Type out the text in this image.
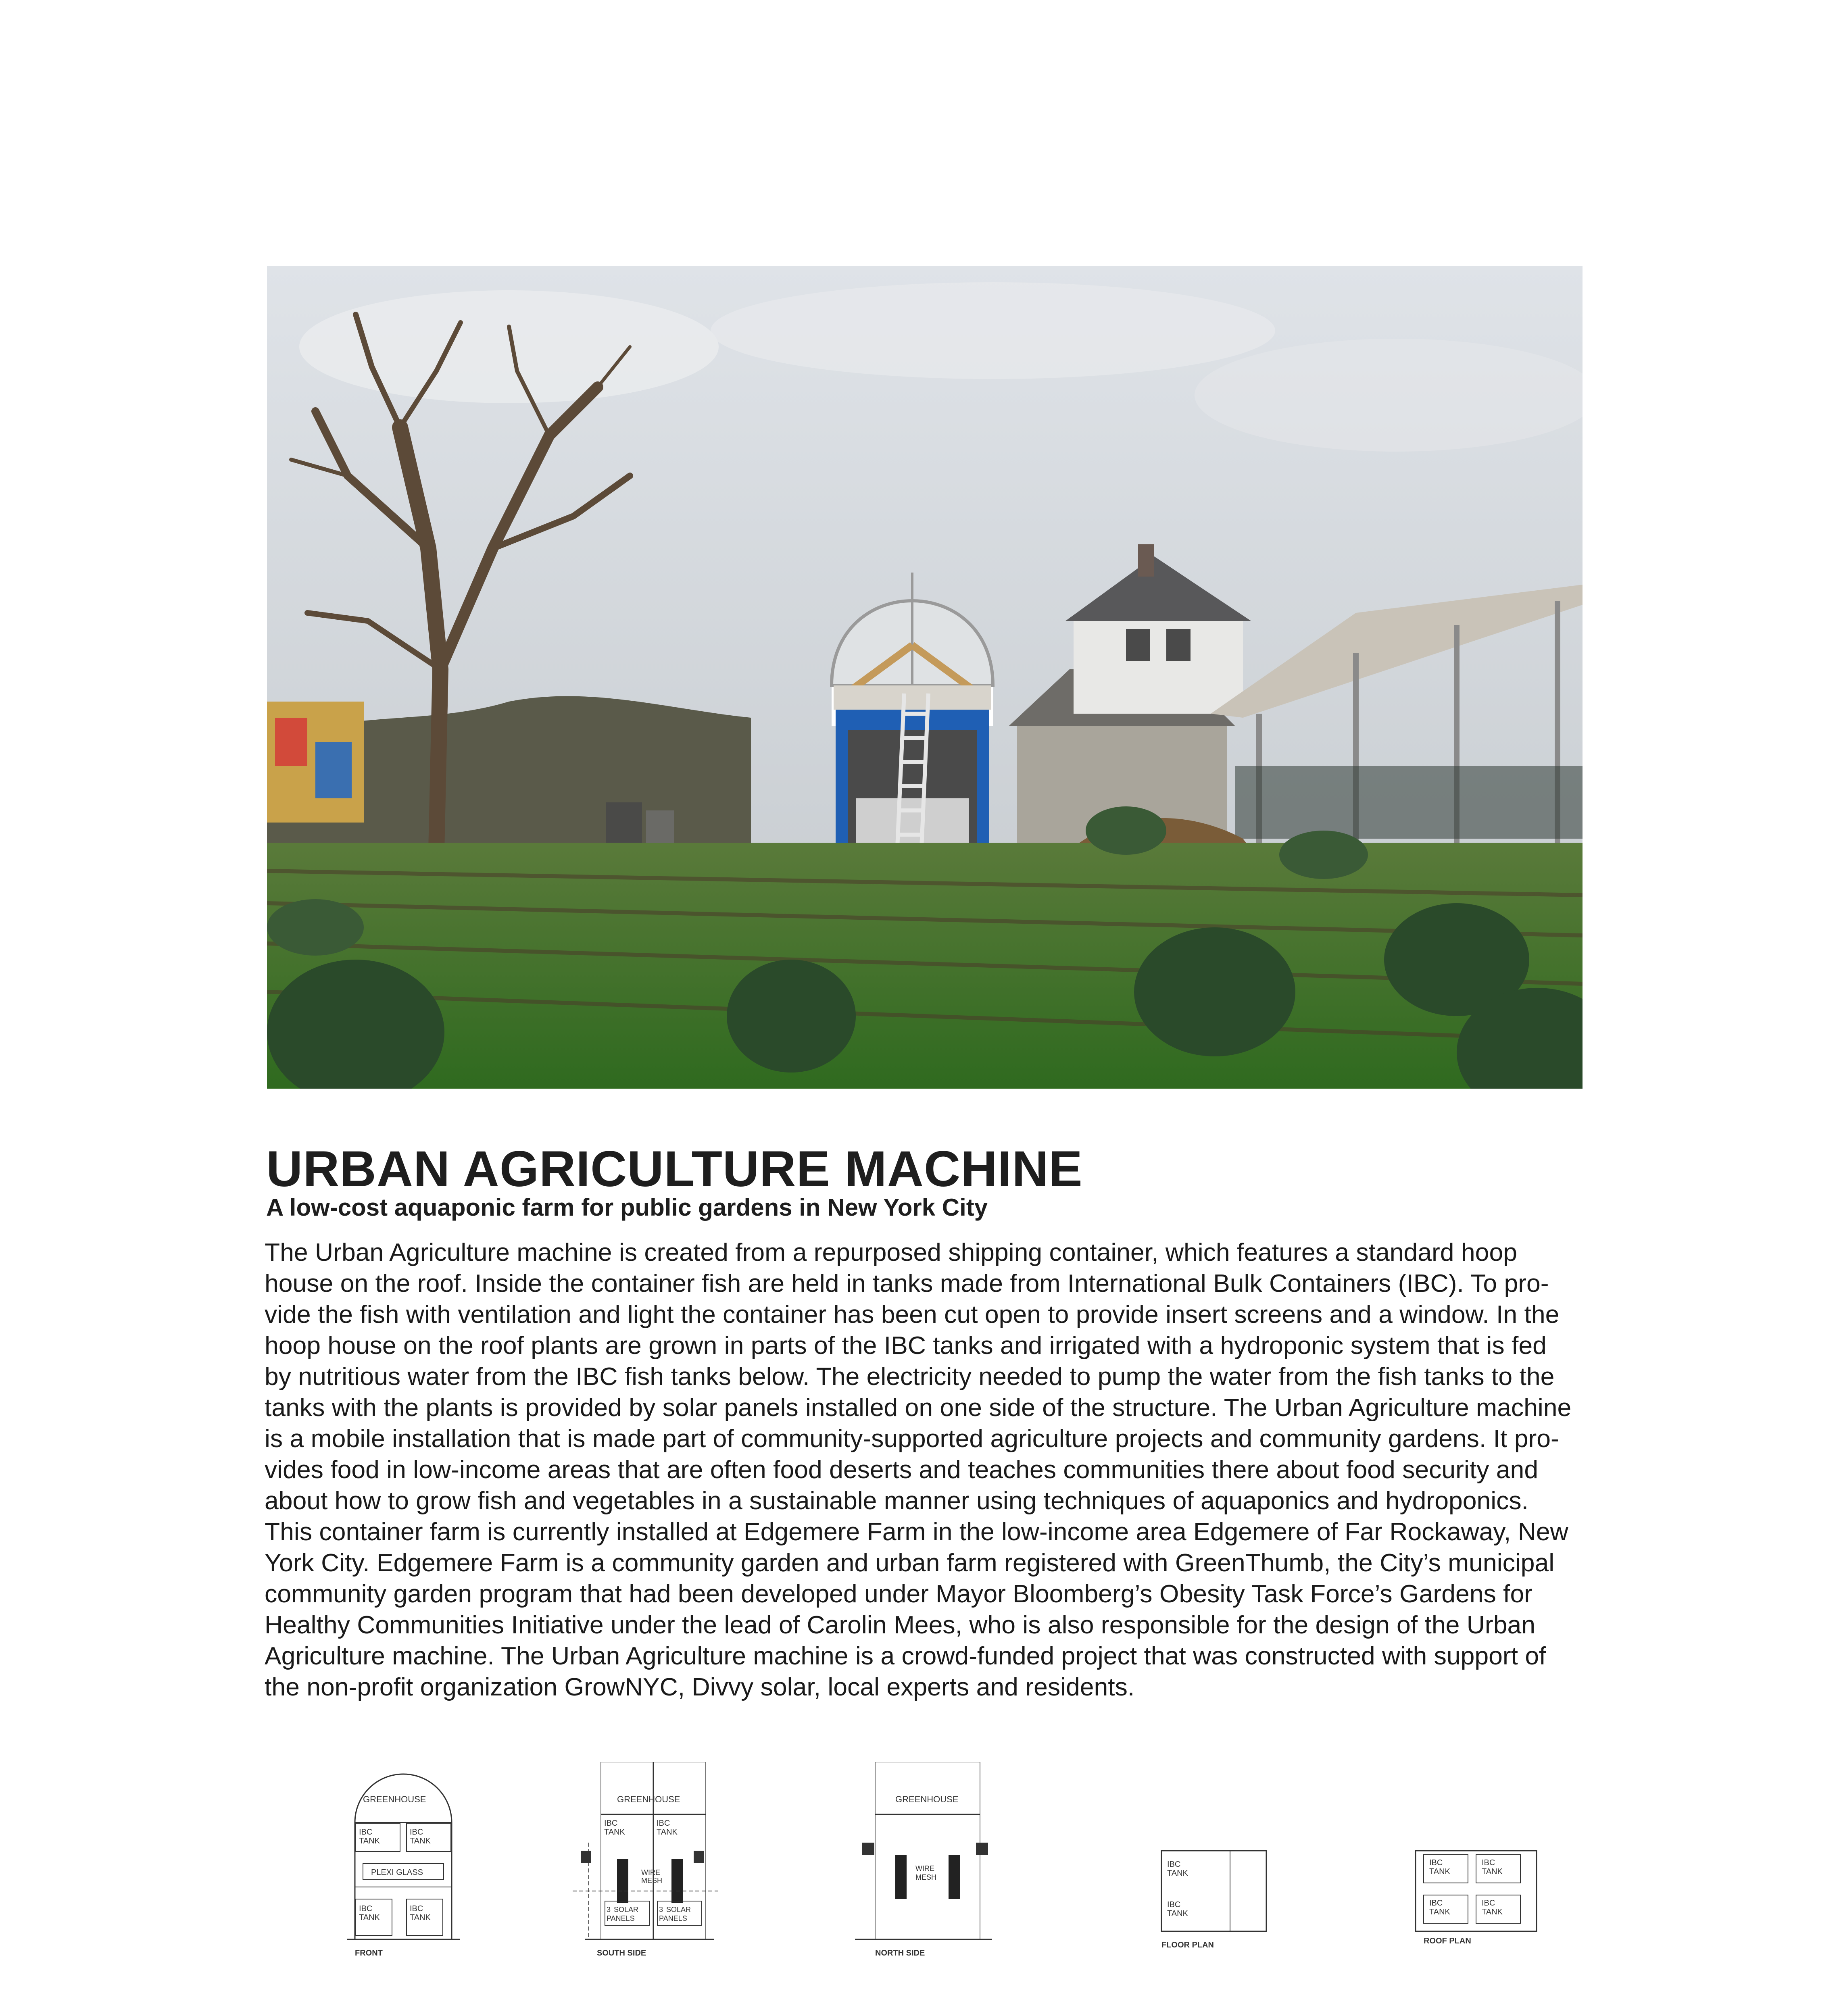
URBAN AGRICULTURE MACHINE
A low-cost aquaponic farm for public gardens in New York City

The Urban Agriculture machine is created from a repurposed shipping container, which features a standard hoop

house on the roof. Inside the container fish are held in tanks made from International Bulk Containers (IBC). To pro-

vide the fish with ventilation and light the container has been cut open to provide insert screens and a window. In the

hoop house on the roof plants are grown in parts of the IBC tanks and irrigated with a hydroponic system that is fed

by nutritious water from the IBC fish tanks below. The electricity needed to pump the water from the fish tanks to the

tanks with the plants is provided by solar panels installed on one side of the structure. The Urban Agriculture machine

is a mobile installation that is made part of community-supported agriculture projects and community gardens. It pro-

vides food in low-income areas that are often food deserts and teaches communities there about food security and

about how to grow fish and vegetables in a sustainable manner using techniques of aquaponics and hydroponics.

This container farm is currently installed at Edgemere Farm in the low-income area Edgemere of Far Rockaway, New

York City. Edgemere Farm is a community garden and urban farm registered with GreenThumb, the City’s municipal

community garden program that had been developed under Mayor Bloomberg’s Obesity Task Force’s Gardens for

Healthy Communities Initiative under the lead of Carolin Mees, who is also responsible for the design of the Urban

Agriculture machine. The Urban Agriculture machine is a crowd-funded project that was constructed with support of

the non-profit organization GrowNYC, Divvy solar, local experts and residents.

GREENHOUSE
IBC
TANK
IBC
TANK
PLEXI GLASS
IBC
TANK
IBC
TANK
FRONT
GREENHOUSE
IBC
TANK
IBC
TANK
WIRE
MESH
3 SOLAR
PANELS
3 SOLAR
PANELS
SOUTH SIDE
GREENHOUSE
WIRE
MESH
NORTH SIDE
IBC
TANK
IBC
TANK
FLOOR PLAN
IBC
TANK
IBC
TANK
IBC
TANK
IBC
TANK
ROOF PLAN
